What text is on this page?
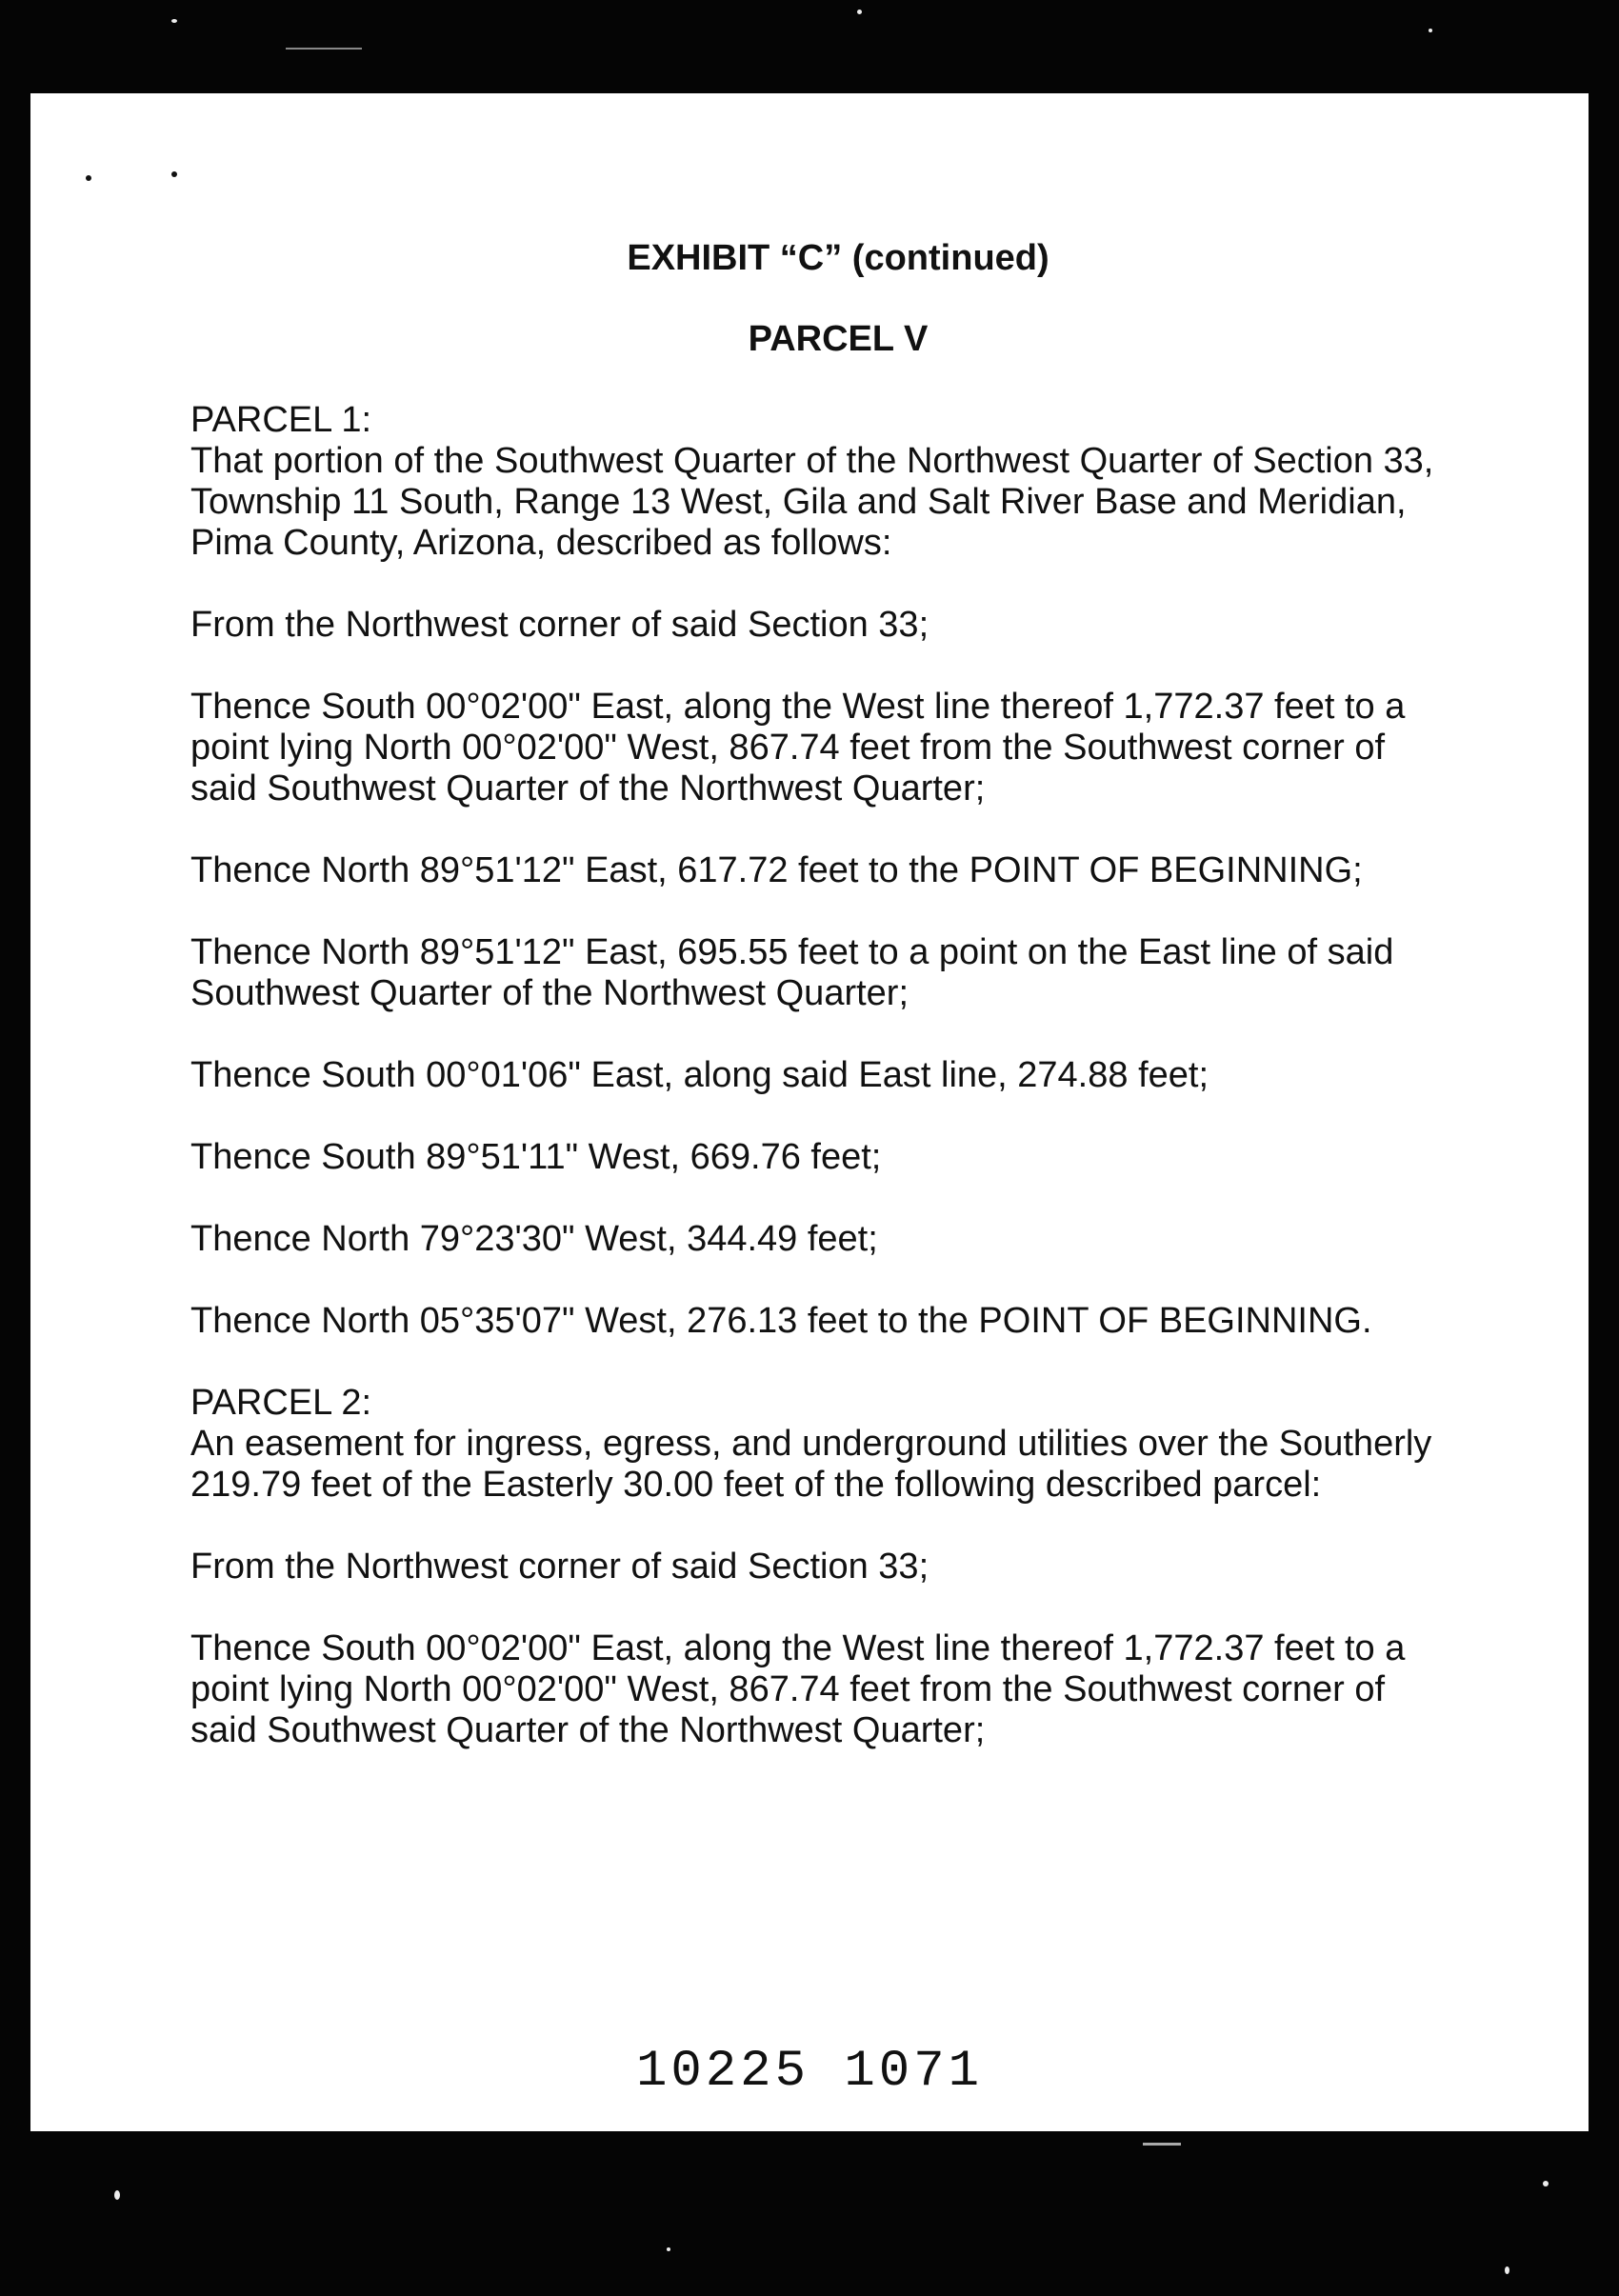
EXHIBIT “C” (continued)

PARCEL V

PARCEL 1:

That portion of the Southwest Quarter of the Northwest Quarter of Section 33, Township 11 South, Range 13 West, Gila and Salt River Base and Meridian, Pima County, Arizona, described as follows:

From the Northwest corner of said Section 33;

Thence South 00°02'00" East, along the West line thereof 1,772.37 feet to a point lying North 00°02'00" West, 867.74 feet from the Southwest corner of said Southwest Quarter of the Northwest Quarter;

Thence North 89°51'12" East, 617.72 feet to the POINT OF BEGINNING;

Thence North 89°51'12" East, 695.55 feet to a point on the East line of said Southwest Quarter of the Northwest Quarter;

Thence South 00°01'06" East, along said East line, 274.88 feet;

Thence South 89°51'11" West, 669.76 feet;

Thence North 79°23'30" West, 344.49 feet;

Thence North 05°35'07" West, 276.13 feet to the POINT OF BEGINNING.

PARCEL 2:

An easement for ingress, egress, and underground utilities over the Southerly 219.79 feet of the Easterly 30.00 feet of the following described parcel:

From the Northwest corner of said Section 33;

Thence South 00°02'00" East, along the West line thereof 1,772.37 feet to a point lying North 00°02'00" West, 867.74 feet from the Southwest corner of said Southwest Quarter of the Northwest Quarter;

10225 1071
